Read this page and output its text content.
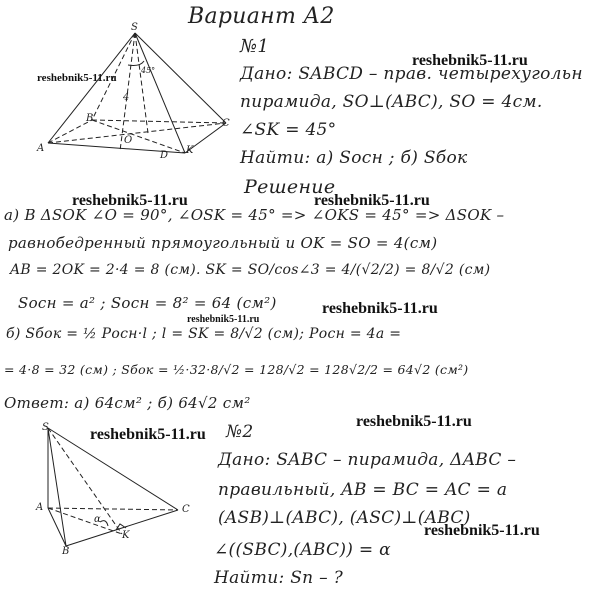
Вариант А2
S
45°
4
B
A
O
D K
C
№1
Дано: SABCD – прав. четырехугольн
пирамида, SO⊥(ABC), SO = 4см.
∠SK = 45°
Найти: а) Sосн ; б) Sбок
Решение
а) В ΔSOK ∠O = 90°, ∠OSK = 45° => ∠OKS = 45° => ΔSOK –
равнобедренный прямоугольный и OK = SO = 4(см)
AB = 2OK = 2·4 = 8 (см). SK = SO/cos∠3 = 4/(√2/2) = 8/√2 (см)
Sосн = a² ; Sосн = 8² = 64 (см²)
б) Sбок = ½ Pосн·l ; l = SK = 8/√2 (см); Pосн = 4a =
= 4·8 = 32 (см) ; Sбок = ½·32·8/√2 = 128/√2 = 128√2/2 = 64√2 (см²)
Ответ: а) 64см² ; б) 64√2 см²
S
A
α
C
K
B
№2
Дано: SABC – пирамида, ΔABC –
правильный, AB = BC = AC = a
(ASB)⊥(ABC), (ASC)⊥(ABC)
∠((SBC),(ABC)) = α
Найти: Sп – ?
reshebnik5-11.ru
reshebnik5-11.ru
reshebnik5-11.ru	reshebnik5-11.ru
reshebnik5-11.ru
reshebnik5-11.ru
reshebnik5-11.ru
reshebnik5-11.ru
reshebnik5-11.ru
